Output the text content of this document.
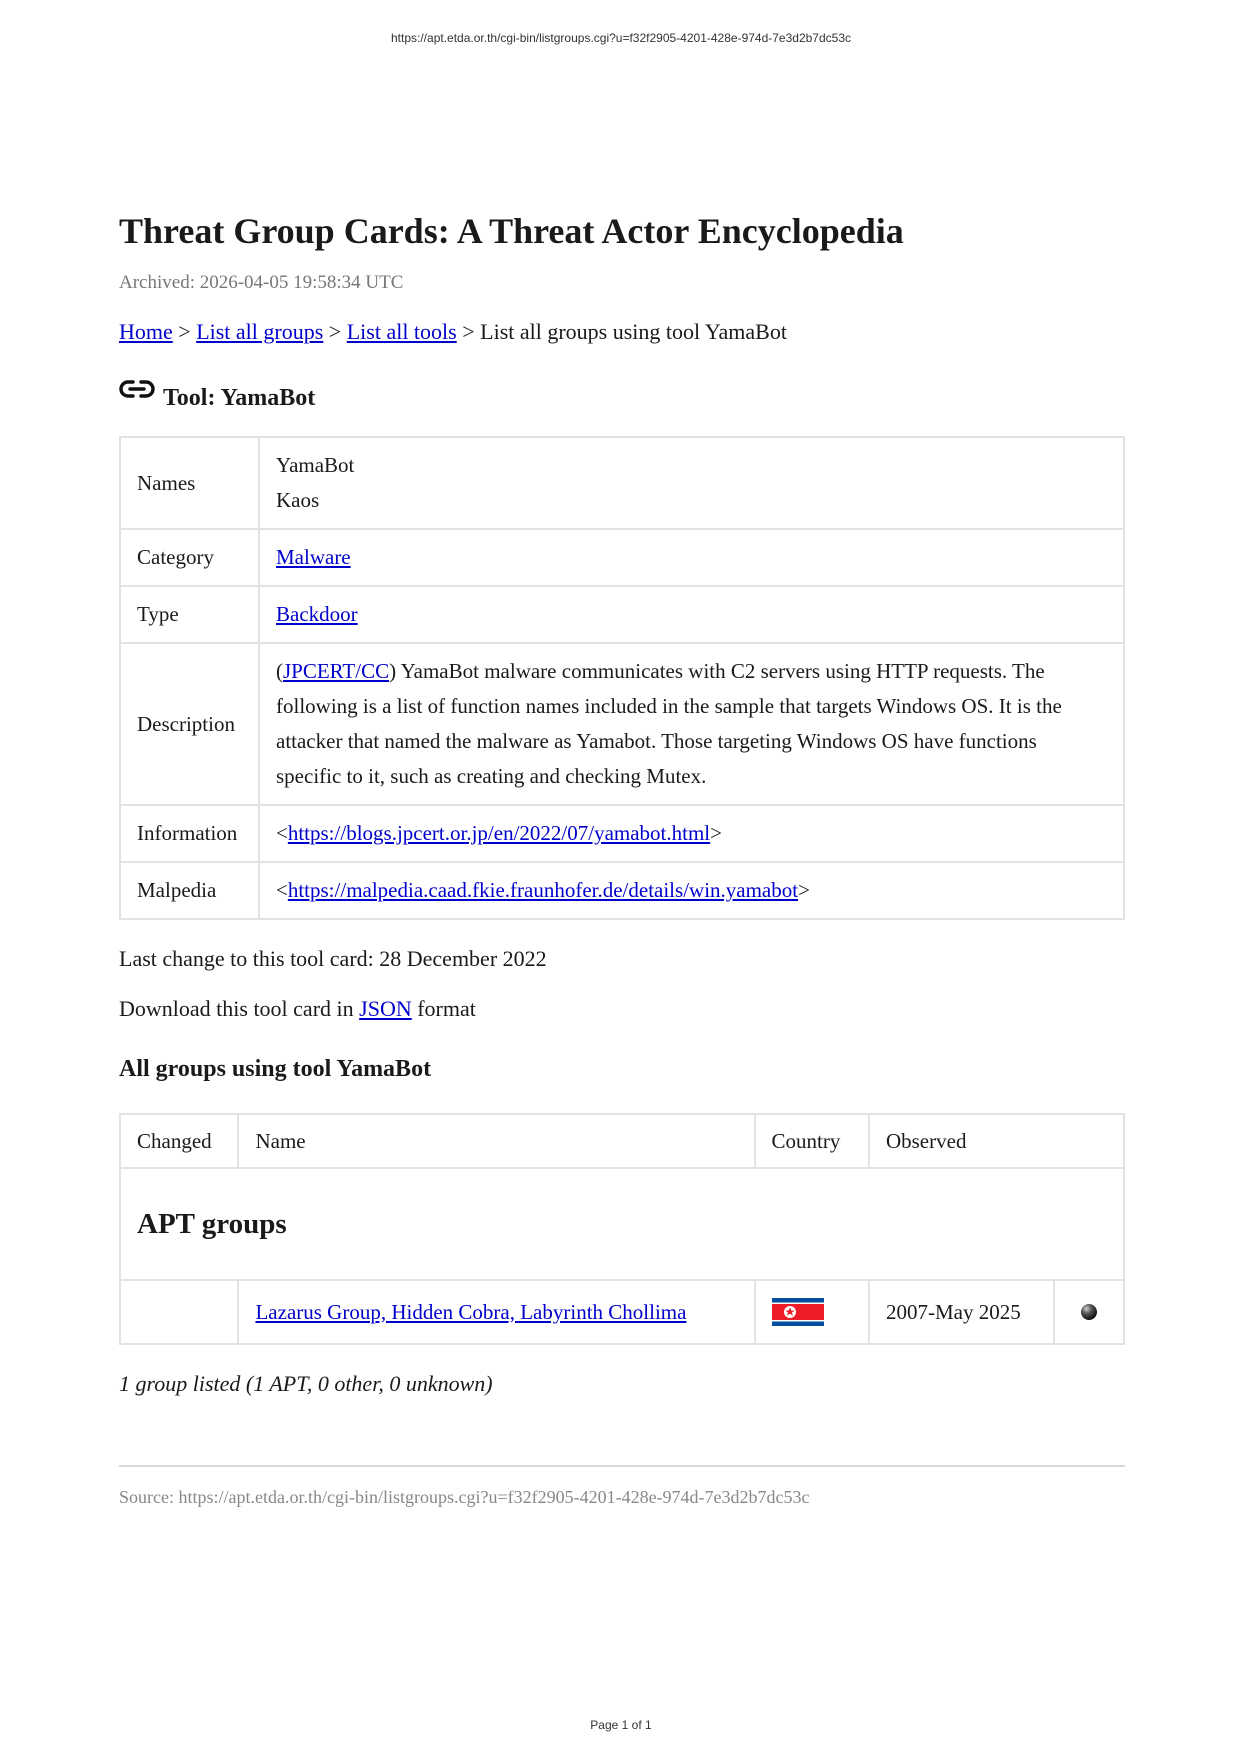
https://apt.etda.or.th/cgi-bin/listgroups.cgi?u=f32f2905-4201-428e-974d-7e3d2b7dc53c
Threat Group Cards: A Threat Actor Encyclopedia
Archived: 2026-04-05 19:58:34 UTC
Home > List all groups > List all tools > List all groups using tool YamaBot
Tool: YamaBot
Names	YamaBot
Kaos

Category	Malware
Type	Backdoor
Description	(JPCERT/CC) YamaBot malware communicates with C2 servers using HTTP requests. The following is a list of function names included in the sample that targets Windows OS. It is the attacker that named the malware as Yamabot. Those targeting Windows OS have functions specific to it, such as creating and checking Mutex.
Information	<https://blogs.jpcert.or.jp/en/2022/07/yamabot.html>
Malpedia	<https://malpedia.caad.fkie.fraunhofer.de/details/win.yamabot>
Last change to this tool card: 28 December 2022
Download this tool card in JSON format
All groups using tool YamaBot
Changed	Name	Country	Observed	
APT groups				
	Lazarus Group, Hidden Cobra, Labyrinth Chollima		2007-May 2025	
1 group listed (1 APT, 0 other, 0 unknown)
Source: https://apt.etda.or.th/cgi-bin/listgroups.cgi?u=f32f2905-4201-428e-974d-7e3d2b7dc53c
Page 1 of 1
